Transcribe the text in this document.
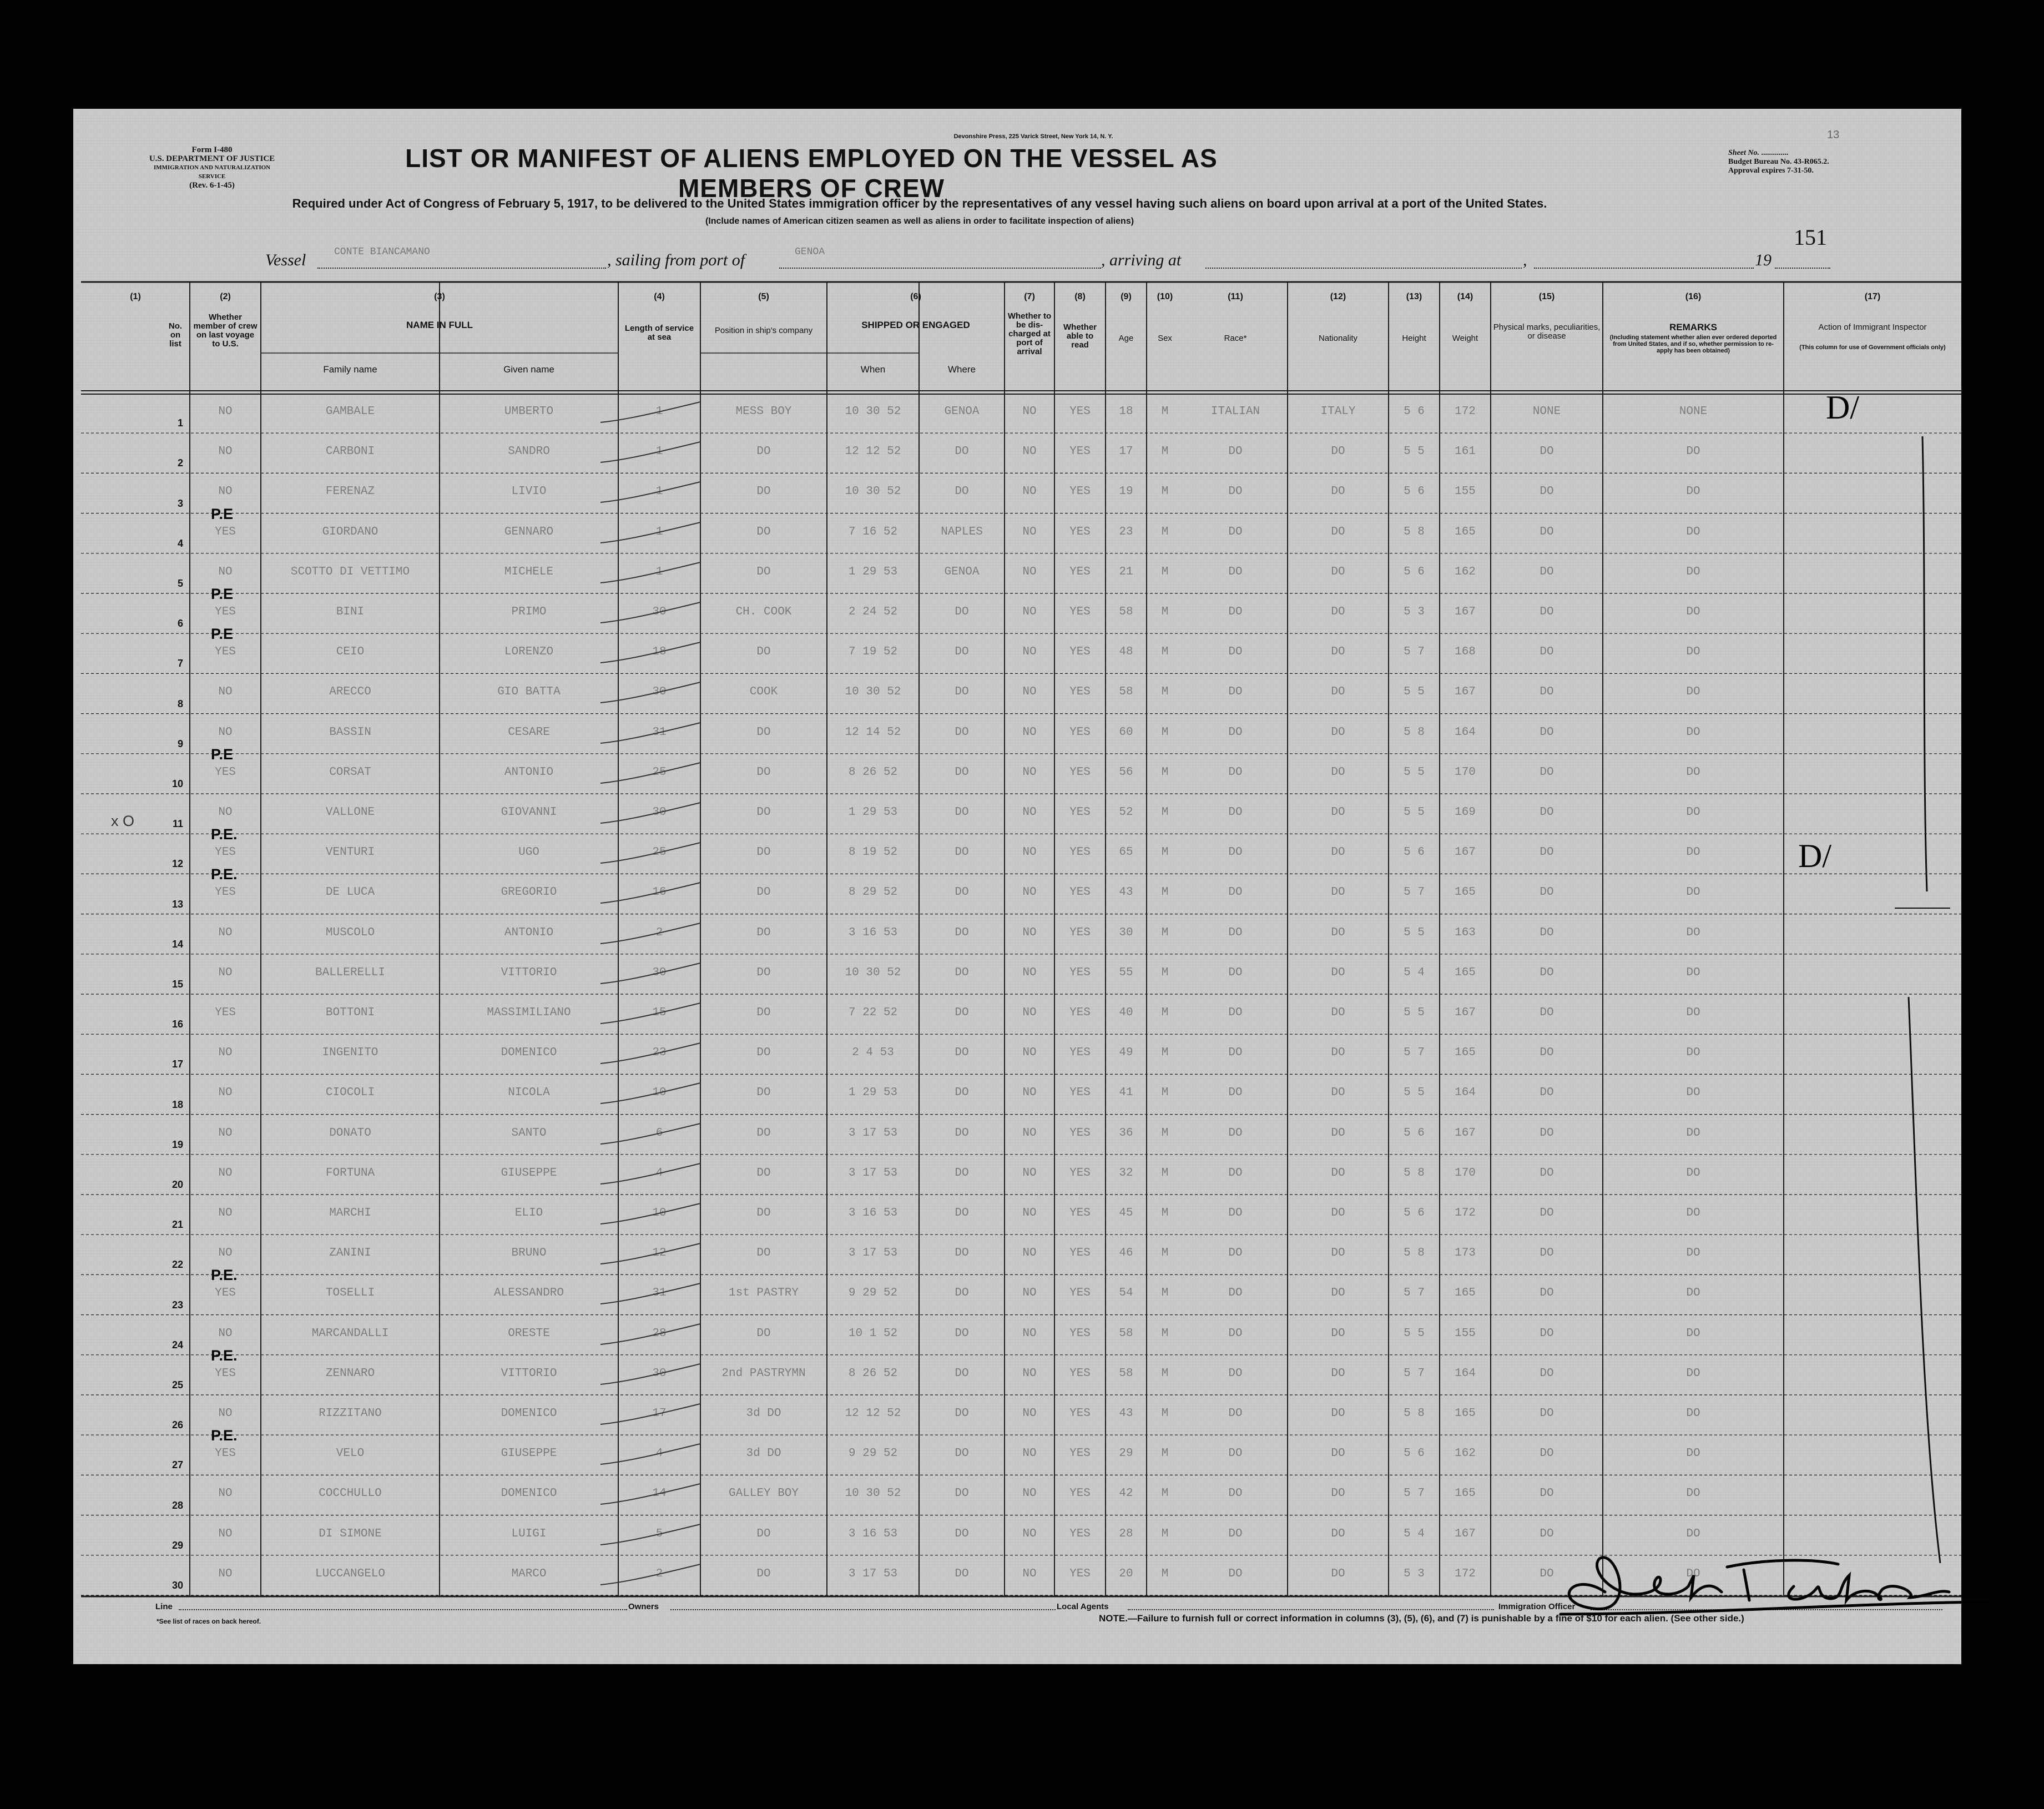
Form I-480
U.S. DEPARTMENT OF JUSTICE
IMMIGRATION AND NATURALIZATION SERVICE
(Rev. 6-1-45)
Devonshire Press, 225 Varick Street, New York 14, N. Y.
LIST OR MANIFEST OF ALIENS EMPLOYED ON THE VESSEL AS MEMBERS OF CREW
Required under Act of Congress of February 5, 1917, to be delivered to the United States immigration officer by the representatives of any vessel having such aliens on board upon arrival at a port of the United States.
(Include names of American citizen seamen as well as aliens in order to facilitate inspection of aliens)
13
Sheet No. ..............
Budget Bureau No. 43-R065.2.
Approval expires 7-31-50.
151
Vessel	CONTE BIANCAMANO	, sailing from port of	GENOA	, arriving at	,	19
(1)	(2)	(3)	(4)	(5)	(6)	(7)	(8)	(9)	(10)	(11)	(12)	(13)	(14)	(15)	(16)	(17)
No. on list
Whether member of crew on last voyage to U.S.
NAME IN FULL
Family name	Given name
Length of service at sea
Position in ship's company
SHIPPED OR ENGAGED
When	Where
Whether to be dis-charged at port of arrival
Whether able to read
Age	Sex	Race*	Nationality	Height	Weight
Physical marks, peculiarities, or disease
REMARKS
(Including statement whether alien ever ordered deported from United States, and if so, whether permission to re-apply has been obtained)
Action of Immigrant Inspector
(This column for use of Government officials only)
1
NO	GAMBALE	UMBERTO	1	MESS BOY	10 30 52	GENOA	NO	YES	18	M	ITALIAN	ITALY	5 6	172	NONE	NONE
2
NO	CARBONI	SANDRO	1	DO	12 12 52	DO	NO	YES	17	M	DO	DO	5 5	161	DO	DO
3
NO	FERENAZ	LIVIO	1	DO	10 30 52	DO	NO	YES	19	M	DO	DO	5 6	155	DO	DO
4
YES	GIORDANO	GENNARO	1	DO	7 16 52	NAPLES	NO	YES	23	M	DO	DO	5 8	165	DO	DO
P.E
5
NO	SCOTTO DI VETTIMO	MICHELE	1	DO	1 29 53	GENOA	NO	YES	21	M	DO	DO	5 6	162	DO	DO
6
YES	BINI	PRIMO	30	CH. COOK	2 24 52	DO	NO	YES	58	M	DO	DO	5 3	167	DO	DO
P.E
7
YES	CEIO	LORENZO	18	DO	7 19 52	DO	NO	YES	48	M	DO	DO	5 7	168	DO	DO
P.E
8
NO	ARECCO	GIO BATTA	30	COOK	10 30 52	DO	NO	YES	58	M	DO	DO	5 5	167	DO	DO
9
NO	BASSIN	CESARE	31	DO	12 14 52	DO	NO	YES	60	M	DO	DO	5 8	164	DO	DO
10
YES	CORSAT	ANTONIO	25	DO	8 26 52	DO	NO	YES	56	M	DO	DO	5 5	170	DO	DO
P.E
11
NO	VALLONE	GIOVANNI	30	DO	1 29 53	DO	NO	YES	52	M	DO	DO	5 5	169	DO	DO
12
YES	VENTURI	UGO	25	DO	8 19 52	DO	NO	YES	65	M	DO	DO	5 6	167	DO	DO
P.E.
13
YES	DE LUCA	GREGORIO	16	DO	8 29 52	DO	NO	YES	43	M	DO	DO	5 7	165	DO	DO
P.E.
14
NO	MUSCOLO	ANTONIO	2	DO	3 16 53	DO	NO	YES	30	M	DO	DO	5 5	163	DO	DO
15
NO	BALLERELLI	VITTORIO	30	DO	10 30 52	DO	NO	YES	55	M	DO	DO	5 4	165	DO	DO
16
YES	BOTTONI	MASSIMILIANO	15	DO	7 22 52	DO	NO	YES	40	M	DO	DO	5 5	167	DO	DO
17
NO	INGENITO	DOMENICO	23	DO	2 4 53	DO	NO	YES	49	M	DO	DO	5 7	165	DO	DO
18
NO	CIOCOLI	NICOLA	10	DO	1 29 53	DO	NO	YES	41	M	DO	DO	5 5	164	DO	DO
19
NO	DONATO	SANTO	6	DO	3 17 53	DO	NO	YES	36	M	DO	DO	5 6	167	DO	DO
20
NO	FORTUNA	GIUSEPPE	4	DO	3 17 53	DO	NO	YES	32	M	DO	DO	5 8	170	DO	DO
21
NO	MARCHI	ELIO	10	DO	3 16 53	DO	NO	YES	45	M	DO	DO	5 6	172	DO	DO
22
NO	ZANINI	BRUNO	12	DO	3 17 53	DO	NO	YES	46	M	DO	DO	5 8	173	DO	DO
23
YES	TOSELLI	ALESSANDRO	31	1st PASTRY	9 29 52	DO	NO	YES	54	M	DO	DO	5 7	165	DO	DO
P.E.
24
NO	MARCANDALLI	ORESTE	28	DO	10 1 52	DO	NO	YES	58	M	DO	DO	5 5	155	DO	DO
25
YES	ZENNARO	VITTORIO	30	2nd PASTRYMN	8 26 52	DO	NO	YES	58	M	DO	DO	5 7	164	DO	DO
P.E.
26
NO	RIZZITANO	DOMENICO	17	3d DO	12 12 52	DO	NO	YES	43	M	DO	DO	5 8	165	DO	DO
27
YES	VELO	GIUSEPPE	4	3d DO	9 29 52	DO	NO	YES	29	M	DO	DO	5 6	162	DO	DO
P.E.
28
NO	COCCHULLO	DOMENICO	14	GALLEY BOY	10 30 52	DO	NO	YES	42	M	DO	DO	5 7	165	DO	DO
29
NO	DI SIMONE	LUIGI	5	DO	3 16 53	DO	NO	YES	28	M	DO	DO	5 4	167	DO	DO
30
NO	LUCCANGELO	MARCO	2	DO	3 17 53	DO	NO	YES	20	M	DO	DO	5 3	172	DO	DO
x O
D/
D/
Line	Owners	Local Agents	Immigration Officer
*See list of races on back hereof.	NOTE.—Failure to furnish full or correct information in columns (3), (5), (6), and (7) is punishable by a fine of $10 for each alien. (See other side.)
